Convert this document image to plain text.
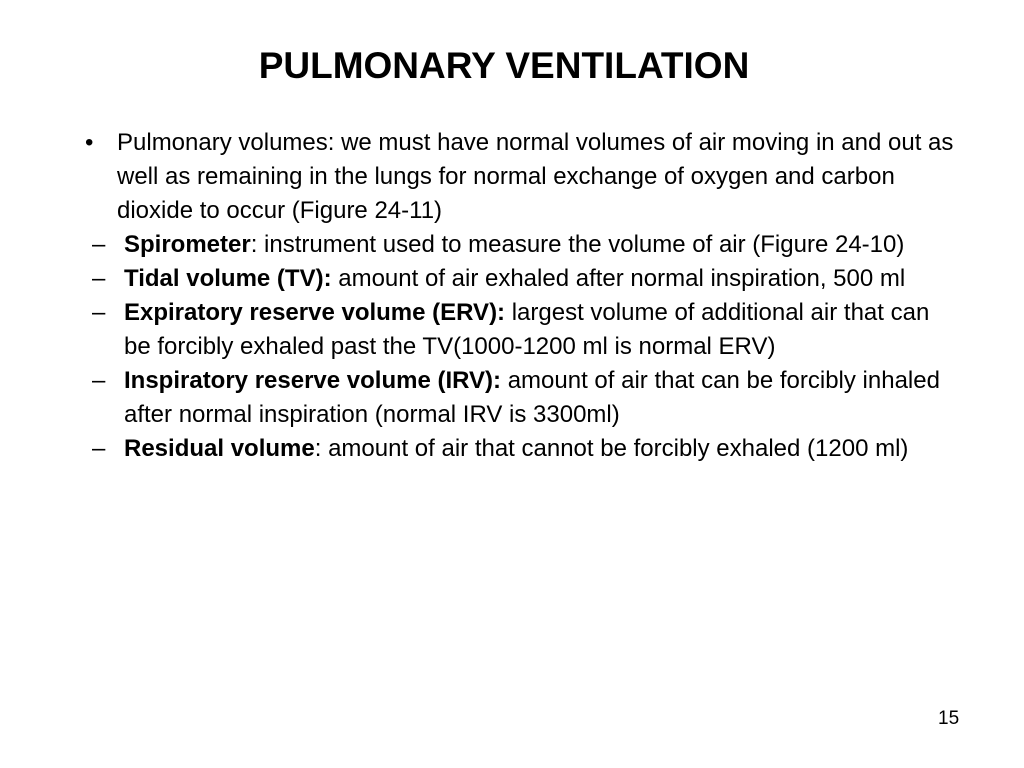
PULMONARY VENTILATION
• Pulmonary volumes: we must have normal volumes of air moving in and out as well as remaining in the lungs for normal exchange of oxygen and carbon dioxide to occur (Figure 24-11)
– Spirometer: instrument used to measure the volume of air (Figure 24-10)
– Tidal volume (TV): amount of air exhaled after normal inspiration, 500 ml
– Expiratory reserve volume (ERV): largest volume of additional air that can be forcibly exhaled past the TV(1000-1200 ml is normal ERV)
– Inspiratory reserve volume (IRV): amount of air that can be forcibly inhaled after normal inspiration (normal IRV is 3300ml)
– Residual volume: amount of air that cannot be forcibly exhaled (1200 ml)
15
